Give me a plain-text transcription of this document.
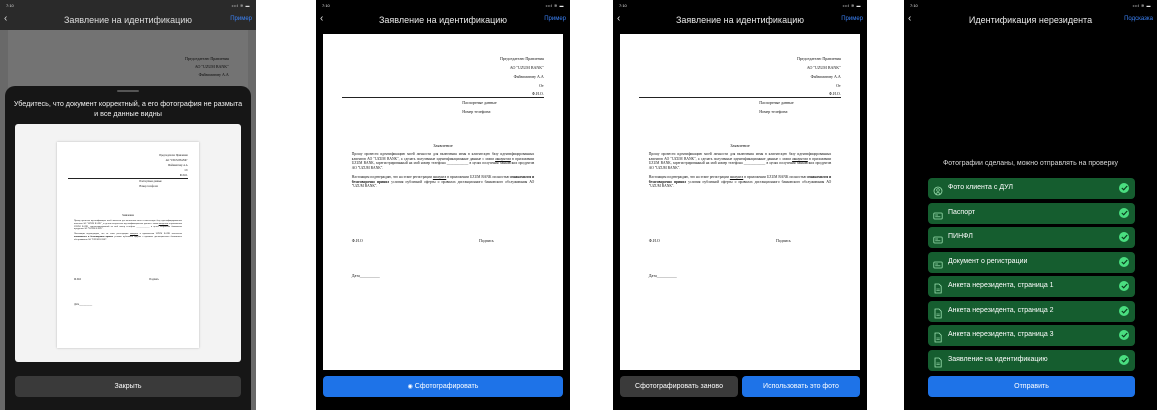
7:10	••ıl ≋ ▬
‹	Заявление на идентификацию	Пример
Убедитесь, что документ корректный, а его фотография не размыта и все данные видны
Председателю Правления
АО "UZUM BANK"
Файзиматову А.А
От
Ф.И.О.
Паспортные данные
Номер телефона:
Заявление
Прошу провести идентификацию моей личности для включения меня в клиентскую базу идентифицированных клиентов АО "UZUM BANK", а сделать полученные идентификационные данные с моим аккаунтом в приложении UZUM BANK, зарегистрированный на мой номер телефона ____________ в целях получения банковских продуктов АО "UZUM BANK".
Настоящим подтверждаю, что на этапе регистрации аккаунта в приложении UZUM BANK полностью ознакомился и безоговорочно принял условия публичной оферты о правилах дистанционного банковского обслуживания АО "UZUM BANK".
Ф.И.О	Подпись
Дата__________
Закрыть
7:10	••ıl ≋ ▬
‹	Заявление на идентификацию	Пример
Председателю Правления
АО "UZUM BANK"
Файзиматову А.А
От
Ф.И.О.
Паспортные данные
Номер телефона:
Заявление
Прошу провести идентификацию моей личности для включения меня в клиентскую базу идентифицированных клиентов АО "UZUM BANK", а сделать полученные идентификационные данные с моим аккаунтом в приложении UZUM BANK, зарегистрированный на мой номер телефона ____________ в целях получения банковских продуктов АО "UZUM BANK".
Настоящим подтверждаю, что на этапе регистрации аккаунта в приложении UZUM BANK полностью ознакомился и безоговорочно принял условия публичной оферты о правилах дистанционного банковского обслуживания АО "UZUM BANK".
Ф.И.О	Подпись
Дата__________
◉ Сфотографировать
7:10	••ıl ≋ ▬
‹	Заявление на идентификацию	Пример
Председателю Правления
АО "UZUM BANK"
Файзиматову А.А
От
Ф.И.О.
Паспортные данные
Номер телефона:
Заявление
Прошу провести идентификацию моей личности для включения меня в клиентскую базу идентифицированных клиентов АО "UZUM BANK", а сделать полученные идентификационные данные с моим аккаунтом в приложении UZUM BANK, зарегистрированный на мой номер телефона ____________ в целях получения банковских продуктов АО "UZUM BANK".
Настоящим подтверждаю, что на этапе регистрации аккаунта в приложении UZUM BANK полностью ознакомился и безоговорочно принял условия публичной оферты о правилах дистанционного банковского обслуживания АО "UZUM BANK".
Ф.И.О	Подпись
Дата__________
Сфотографировать заново	Использовать это фото
7:10	••ıl ≋ ▬
‹	Идентификация нерезидента	Подсказка
Фотографии сделаны, можно отправлять на проверку
Фото клиента с ДУЛ
Паспорт
ПИНФЛ
Документ о регистрации
Анкета нерезидента, страница 1
Анкета нерезидента, страница 2
Анкета нерезидента, страница 3
Заявление на идентификацию
Отправить
